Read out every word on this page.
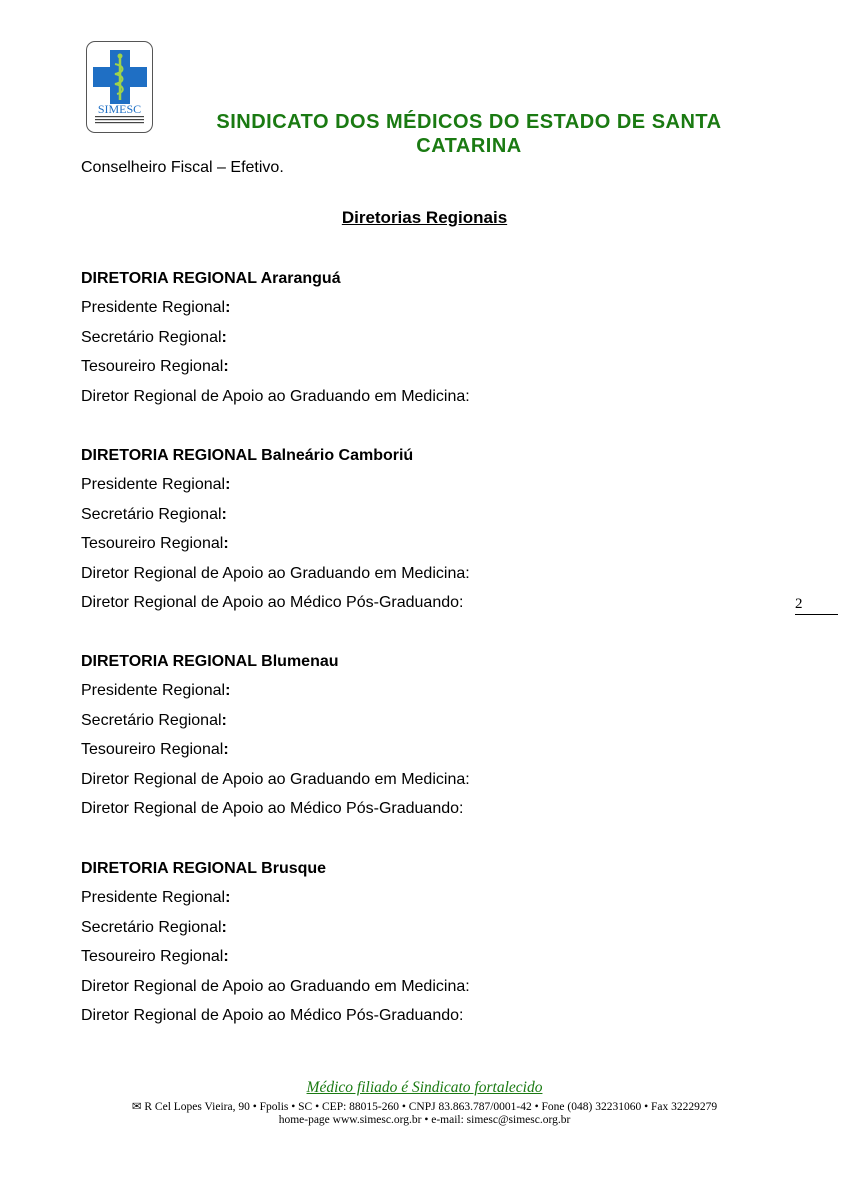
SIMESC
SINDICATO DOS MÉDICOS DO ESTADO DE SANTA
CATARINA
Conselheiro Fiscal – Efetivo.
Diretorias Regionais
DIRETORIA REGIONAL Araranguá
Presidente Regional:
Secretário Regional:
Tesoureiro Regional:
Diretor Regional de Apoio ao Graduando em Medicina:
DIRETORIA REGIONAL Balneário Camboriú
Presidente Regional:
Secretário Regional:
Tesoureiro Regional:
Diretor Regional de Apoio ao Graduando em Medicina:
Diretor Regional de Apoio ao Médico Pós-Graduando:	2
DIRETORIA REGIONAL Blumenau
Presidente Regional:
Secretário Regional:
Tesoureiro Regional:
Diretor Regional de Apoio ao Graduando em Medicina:
Diretor Regional de Apoio ao Médico Pós-Graduando:
DIRETORIA REGIONAL Brusque
Presidente Regional:
Secretário Regional:
Tesoureiro Regional:
Diretor Regional de Apoio ao Graduando em Medicina:
Diretor Regional de Apoio ao Médico Pós-Graduando:
Médico filiado é Sindicato fortalecido
✉ R Cel Lopes Vieira, 90 • Fpolis • SC • CEP: 88015-260 • CNPJ 83.863.787/0001-42 • Fone (048) 32231060 • Fax 32229279
home-page www.simesc.org.br • e-mail: simesc@simesc.org.br
